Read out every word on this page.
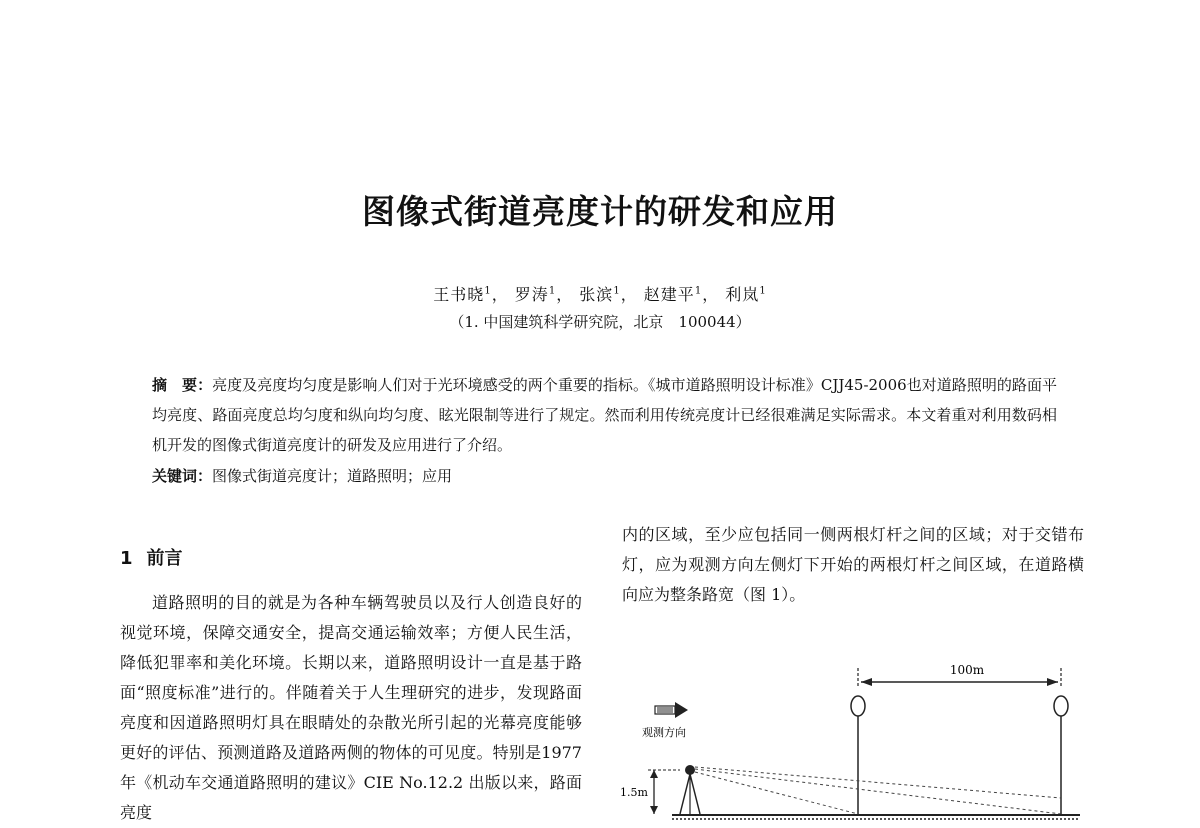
图像式街道亮度计的研发和应用
王书晓$^1$， 罗涛$^1$， 张滨$^1$， 赵建平$^1$， 利岚$^1$
（1. 中国建筑科学研究院，北京　100044）
摘　要：亮度及亮度均匀度是影响人们对于光环境感受的两个重要的指标。《城市道路照明设计标准》CJJ45-2006也对道路照明的路面平均亮度、路面亮度总均匀度和纵向均匀度、眩光限制等进行了规定。然而利用传统亮度计已经很难满足实际需求。本文着重对利用数码相机开发的图像式街道亮度计的研发及应用进行了介绍。
关键词：图像式街道亮度计；道路照明；应用
1 前言

道路照明的目的就是为各种车辆驾驶员以及行人创造良好的视觉环境，保障交通安全，提高交通运输效率；方便人民生活，降低犯罪率和美化环境。长期以来，道路照明设计一直是基于路面“照度标准”进行的。伴随着关于人生理研究的进步，发现路面亮度和因道路照明灯具在眼睛处的杂散光所引起的光幕亮度能够更好的评估、预测道路及道路两侧的物体的可见度。特别是1977年《机动车交通道路照明的建议》CIE No.12.2 出版以来，路面亮度

内的区域，至少应包括同一侧两根灯杆之间的区域；对于交错布灯，应为观测方向左侧灯下开始的两根灯杆之间区域，在道路横向应为整条路宽（图 1）。

100m
观测方向
1.5m
